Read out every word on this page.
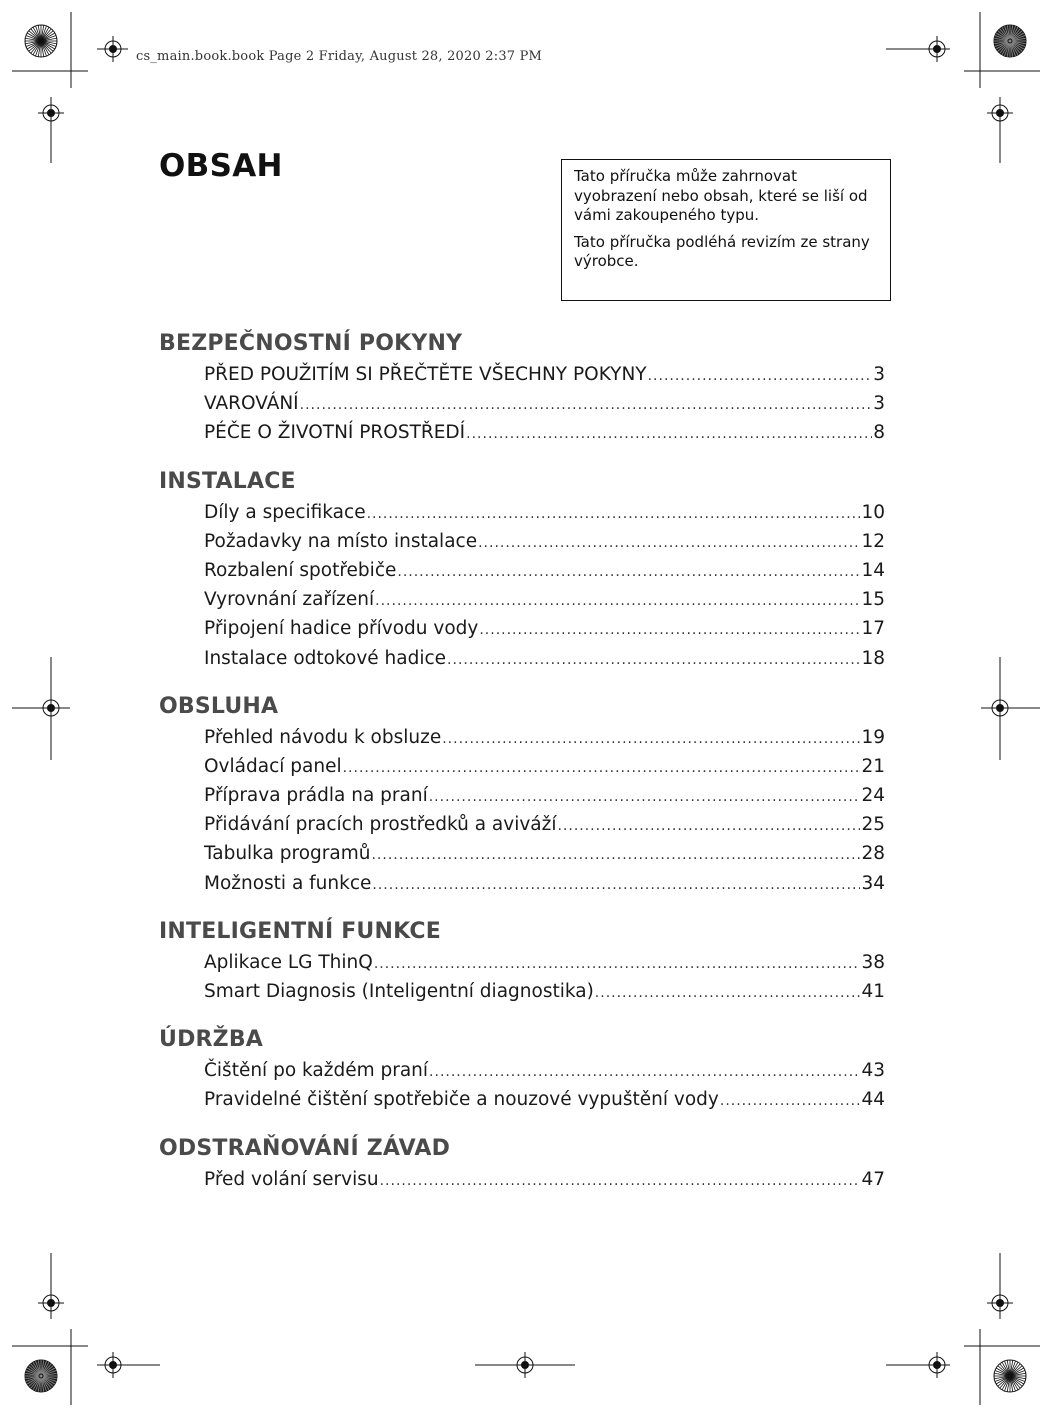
cs_main.book.book Page 2 Friday, August 28, 2020 2:37 PM
OBSAH	Tato příručka může zahrnovat vyobrazení nebo obsah, které se liší od vámi zakoupeného typu.

Tato příručka podléhá revizím ze strany výrobce.

BEZPEČNOSTNÍ POKYNY
PŘED POUŽITÍM SI PŘEČTĚTE VŠECHNY POKYNY .....	3
VAROVÁNÍ .....	3
PÉČE O ŽIVOTNÍ PROSTŘEDÍ .....	8
INSTALACE
Díly a specifikace .....	10
Požadavky na místo instalace .....	12
Rozbalení spotřebiče .....	14
Vyrovnání zařízení .....	15
Připojení hadice přívodu vody .....	17
Instalace odtokové hadice .....	18
OBSLUHA
Přehled návodu k obsluze .....	19
Ovládací panel .....	21
Příprava prádla na praní .....	24
Přidávání pracích prostředků a aviváží .....	25
Tabulka programů .....	28
Možnosti a funkce .....	34
INTELIGENTNÍ FUNKCE
Aplikace LG ThinQ .....	38
Smart Diagnosis (Inteligentní diagnostika) .....	41
ÚDRŽBA
Čištění po každém praní .....	43
Pravidelné čištění spotřebiče a nouzové vypuštění vody .....	44
ODSTRAŇOVÁNÍ ZÁVAD
Před volání servisu .....	47
